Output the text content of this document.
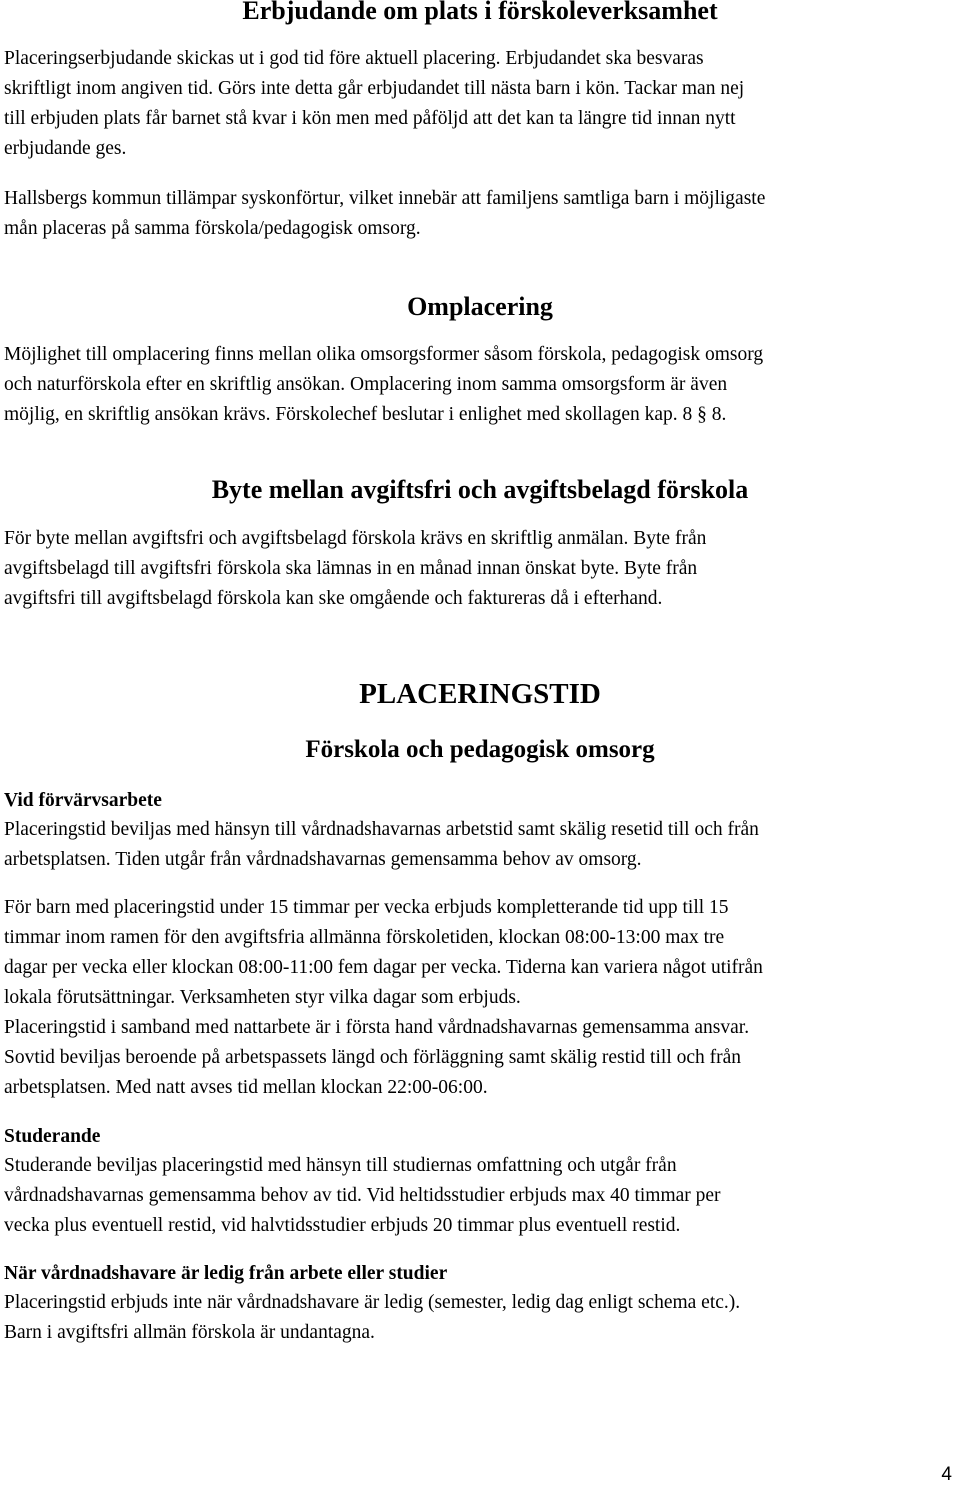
Erbjudande om plats i förskoleverksamhet
Placeringserbjudande skickas ut i god tid före aktuell placering. Erbjudandet ska besvaras
skriftligt inom angiven tid. Görs inte detta går erbjudandet till nästa barn i kön. Tackar man nej
till erbjuden plats får barnet stå kvar i kön men med påföljd att det kan ta längre tid innan nytt
erbjudande ges.
Hallsbergs kommun tillämpar syskonförtur, vilket innebär att familjens samtliga barn i möjligaste
mån placeras på samma förskola/pedagogisk omsorg.
Omplacering
Möjlighet till omplacering finns mellan olika omsorgsformer såsom förskola, pedagogisk omsorg
och naturförskola efter en skriftlig ansökan. Omplacering inom samma omsorgsform är även
möjlig, en skriftlig ansökan krävs. Förskolechef beslutar i enlighet med skollagen kap. 8 § 8.
Byte mellan avgiftsfri och avgiftsbelagd förskola
För byte mellan avgiftsfri och avgiftsbelagd förskola krävs en skriftlig anmälan. Byte från
avgiftsbelagd till avgiftsfri förskola ska lämnas in en månad innan önskat byte. Byte från
avgiftsfri till avgiftsbelagd förskola kan ske omgående och faktureras då i efterhand.
PLACERINGSTID
Förskola och pedagogisk omsorg
Vid förvärvsarbete
Placeringstid beviljas med hänsyn till vårdnadshavarnas arbetstid samt skälig resetid till och från
arbetsplatsen. Tiden utgår från vårdnadshavarnas gemensamma behov av omsorg.
För barn med placeringstid under 15 timmar per vecka erbjuds kompletterande tid upp till 15
timmar inom ramen för den avgiftsfria allmänna förskoletiden, klockan 08:00-13:00 max tre
dagar per vecka eller klockan 08:00-11:00 fem dagar per vecka. Tiderna kan variera något utifrån
lokala förutsättningar. Verksamheten styr vilka dagar som erbjuds.
Placeringstid i samband med nattarbete är i första hand vårdnadshavarnas gemensamma ansvar.
Sovtid beviljas beroende på arbetspassets längd och förläggning samt skälig restid till och från
arbetsplatsen. Med natt avses tid mellan klockan 22:00-06:00.
Studerande
Studerande beviljas placeringstid med hänsyn till studiernas omfattning och utgår från
vårdnadshavarnas gemensamma behov av tid. Vid heltidsstudier erbjuds max 40 timmar per
vecka plus eventuell restid, vid halvtidsstudier erbjuds 20 timmar plus eventuell restid.
När vårdnadshavare är ledig från arbete eller studier
Placeringstid erbjuds inte när vårdnadshavare är ledig (semester, ledig dag enligt schema etc.).
Barn i avgiftsfri allmän förskola är undantagna.
4
